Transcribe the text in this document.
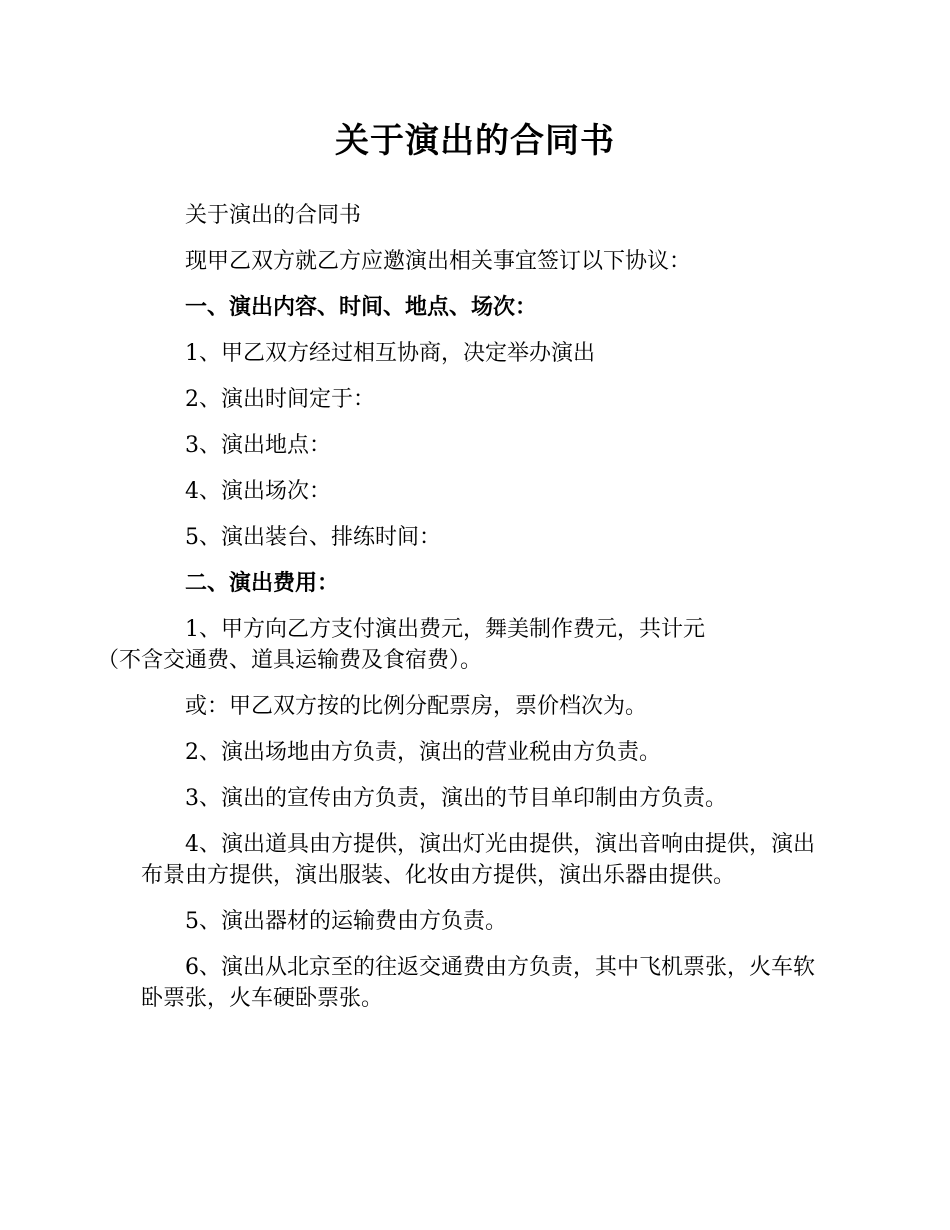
关于演出的合同书

关于演出的合同书

现甲乙双方就乙方应邀演出相关事宜签订以下协议：

一、演出内容、时间、地点、场次：

1、甲乙双方经过相互协商，决定举办演出

2、演出时间定于：

3、演出地点：

4、演出场次：

5、演出装台、排练时间：

二、演出费用：

1、甲方向乙方支付演出费元，舞美制作费元，共计元
（不含交通费、道具运输费及食宿费）。

或：甲乙双方按的比例分配票房，票价档次为。

2、演出场地由方负责，演出的营业税由方负责。

3、演出的宣传由方负责，演出的节目单印制由方负责。

4、演出道具由方提供，演出灯光由提供，演出音响由提供，演出布景由方提供，演出服装、化妆由方提供，演出乐器由提供。

5、演出器材的运输费由方负责。

6、演出从北京至的往返交通费由方负责，其中飞机票张，火车软卧票张，火车硬卧票张。
